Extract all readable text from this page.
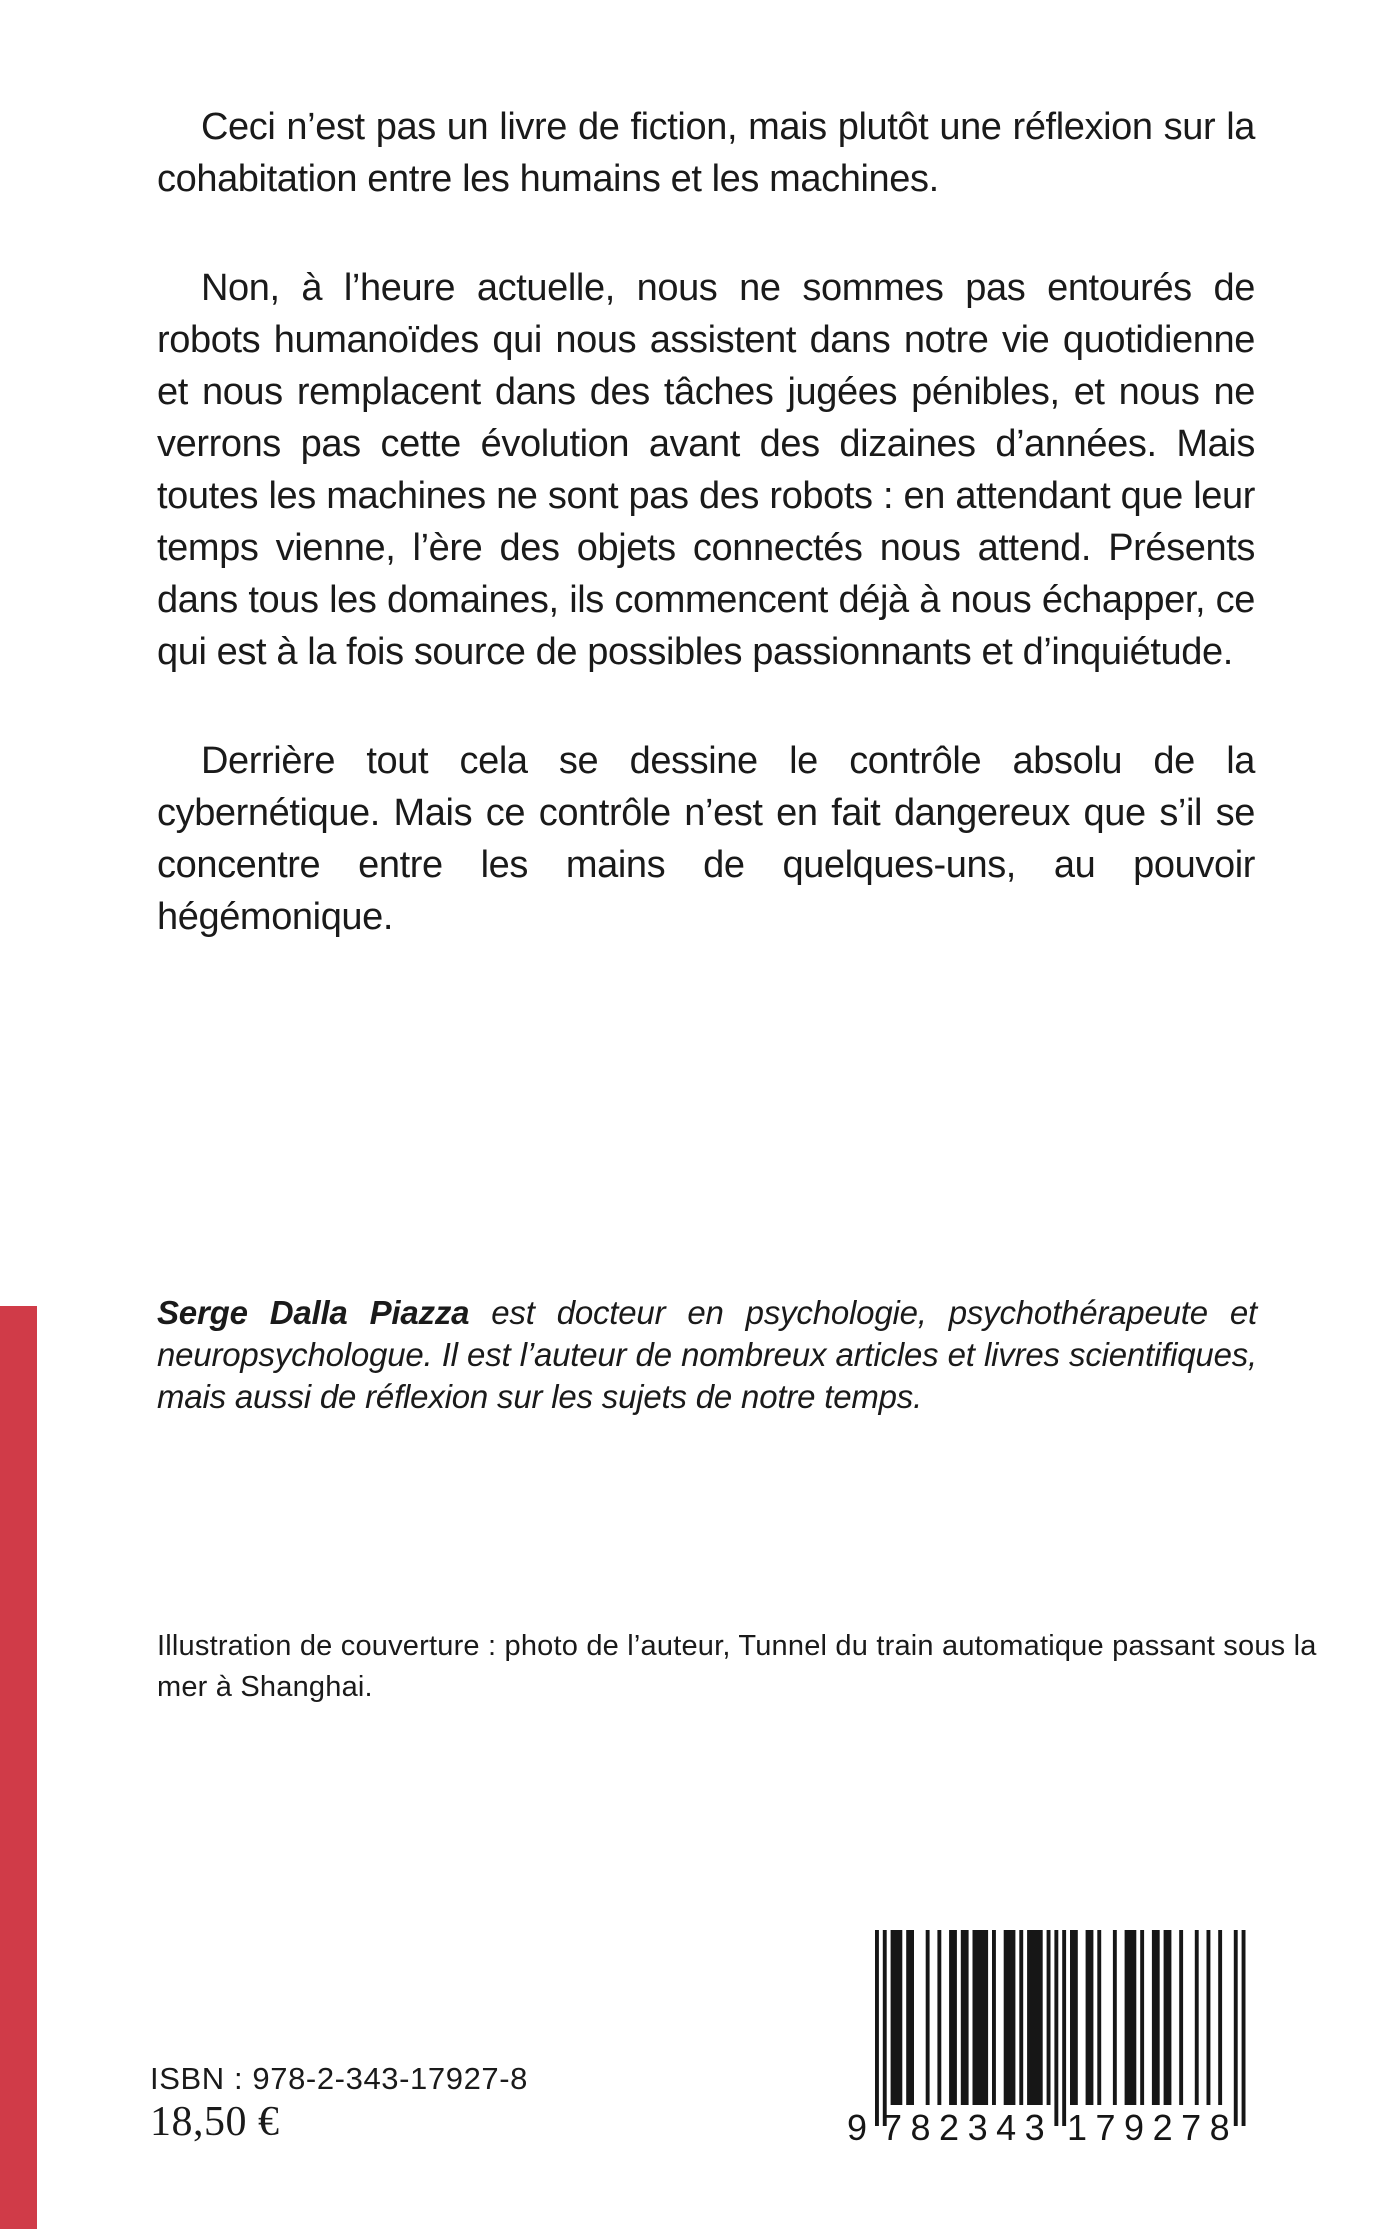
Ceci n’est pas un livre de fiction, mais plutôt une réflexion sur la cohabitation entre les humains et les machines.

Non, à l’heure actuelle, nous ne sommes pas entourés de robots humanoïdes qui nous assistent dans notre vie quotidienne et nous remplacent dans des tâches jugées pénibles, et nous ne verrons pas cette évolution avant des dizaines d’années. Mais toutes les machines ne sont pas des robots : en attendant que leur temps vienne, l’ère des objets connectés nous attend. Présents dans tous les domaines, ils commencent déjà à nous échapper, ce qui est à la fois source de possibles passionnants et d’inquiétude.

Derrière tout cela se dessine le contrôle absolu de la cybernétique. Mais ce contrôle n’est en fait dangereux que s’il se concentre entre les mains de quelques-uns, au pouvoir hégémonique.

Serge Dalla Piazza est docteur en psychologie, psychothérapeute et neuropsychologue. Il est l’auteur de nombreux articles et livres scientifiques, mais aussi de réflexion sur les sujets de notre temps.
Illustration de couverture : photo de l’auteur, Tunnel du train automatique passant sous la mer à Shanghai.
9 782343 179278
ISBN : 978-2-343-17927-8
18,50 €
